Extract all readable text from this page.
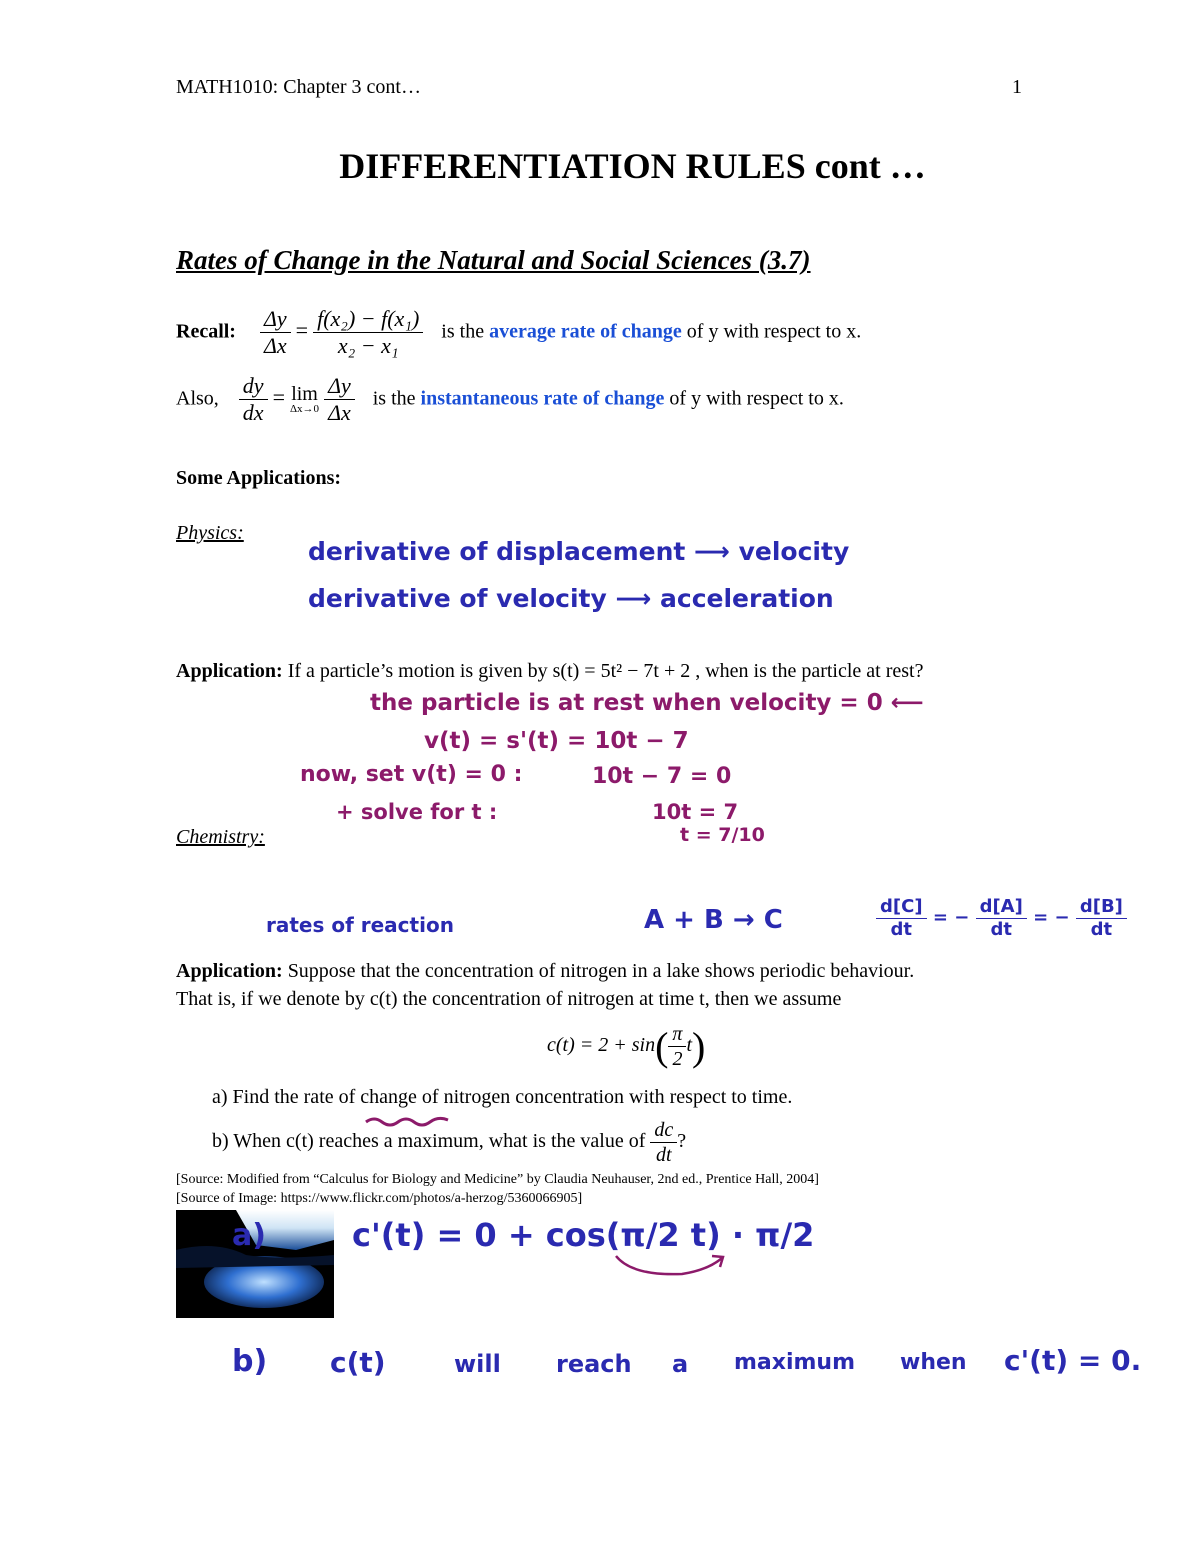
MATH1010: Chapter 3 cont…	1
DIFFERENTIATION RULES cont …
Rates of Change in the Natural and Social Sciences (3.7)
Recall: $\frac{\Delta y}{\Delta x} = \frac{\text{f(x₂) − f(x₁)}}{\text{x₂ − x₁}}$ is the average rate of change of y with respect to x.
Also, $\frac{dy}{dx} = \lim$
Δx→0
$\frac{\Delta y}{\Delta x}$ is the instantaneous rate of change of y with respect to x.
Some Applications:
Physics:
derivative of displacement ⟶ velocity
derivative of velocity ⟶ acceleration
Application: If a particle’s motion is given by s(t) = 5t² − 7t + 2 , when is the particle at rest?
the particle is at rest when velocity = 0 ⟵
v(t) = s'(t) = 10t − 7
now, set v(t) = 0 :	10t − 7 = 0
+ solve for t :	10t = 7
t = 7/10
Chemistry:
rates of reaction	A + B → C	$\frac{d[C]}{dt}$ = − $\frac{d[A]}{dt}$ = − $\frac{d[B]}{dt}$
Application: Suppose that the concentration of nitrogen in a lake shows periodic behaviour.
That is, if we denote by c(t) the concentration of nitrogen at time t, then we assume
$c(t) = 2 + \sin( \frac{\pi}{2} t)$
a) Find the rate of change of nitrogen concentration with respect to time.
b) When c(t) reaches a maximum, what is the value of $\frac{dc}{dt}$ ?
[Source: Modified from “Calculus for Biology and Medicine” by Claudia Neuhauser, 2nd ed., Prentice Hall, 2004]
[Source of Image: https://www.flickr.com/photos/a-herzog/5360066905]
a)	c'(t) = 0 + cos(π/2 t) · π/2
b) c(t)	will reach a maximum when c'(t) = 0.
